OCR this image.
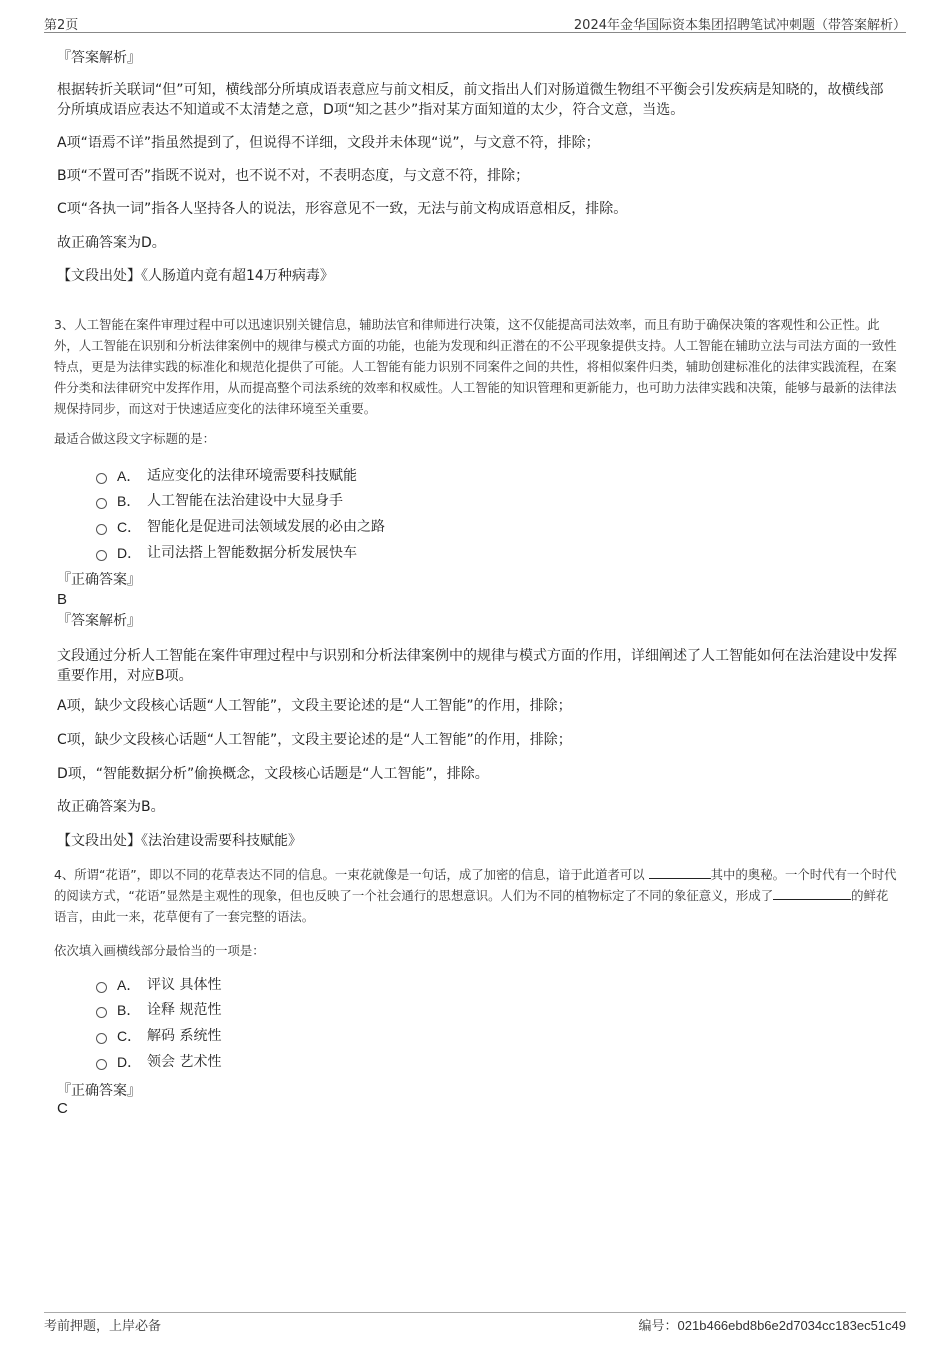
第2页	2024年金华国际资本集团招聘笔试冲刺题（带答案解析）
『答案解析』
根据转折关联词“但”可知，横线部分所填成语表意应与前文相反，前文指出人们对肠道微生物组不平衡会引发疾病是知晓的，故横线部分所填成语应表达不知道或不太清楚之意，D项“知之甚少”指对某方面知道的太少，符合文意，当选。
A项“语焉不详”指虽然提到了，但说得不详细，文段并未体现“说”，与文意不符，排除；
B项“不置可否”指既不说对，也不说不对，不表明态度，与文意不符，排除；
C项“各执一词”指各人坚持各人的说法，形容意见不一致，无法与前文构成语意相反，排除。
故正确答案为D。
【文段出处】《人肠道内竟有超14万种病毒》
3、人工智能在案件审理过程中可以迅速识别关键信息，辅助法官和律师进行决策，这不仅能提高司法效率，而且有助于确保决策的客观性和公正性。此外，人工智能在识别和分析法律案例中的规律与模式方面的功能，也能为发现和纠正潜在的不公平现象提供支持。人工智能在辅助立法与司法方面的一致性特点，更是为法律实践的标准化和规范化提供了可能。人工智能有能力识别不同案件之间的共性，将相似案件归类，辅助创建标准化的法律实践流程，在案件分类和法律研究中发挥作用，从而提高整个司法系统的效率和权威性。人工智能的知识管理和更新能力，也可助力法律实践和决策，能够与最新的法律法规保持同步，而这对于快速适应变化的法律环境至关重要。
最适合做这段文字标题的是：
A． 适应变化的法律环境需要科技赋能
B． 人工智能在法治建设中大显身手
C． 智能化是促进司法领域发展的必由之路
D． 让司法搭上智能数据分析发展快车
『正确答案』
B
『答案解析』
文段通过分析人工智能在案件审理过程中与识别和分析法律案例中的规律与模式方面的作用，详细阐述了人工智能如何在法治建设中发挥重要作用，对应B项。
A项，缺少文段核心话题“人工智能”，文段主要论述的是“人工智能”的作用，排除；
C项，缺少文段核心话题“人工智能”，文段主要论述的是“人工智能”的作用，排除；
D项，“智能数据分析”偷换概念，文段核心话题是“人工智能”，排除。
故正确答案为B。
【文段出处】《法治建设需要科技赋能》
4、所谓“花语”，即以不同的花草表达不同的信息。一束花就像是一句话，成了加密的信息，谙于此道者可以	其中的奥秘。一个时代有一个时代的阅读方式，“花语”显然是主观性的现象，但也反映了一个社会通行的思想意识。人们为不同的植物标定了不同的象征意义，形成了	的鲜花语言，由此一来，花草便有了一套完整的语法。
依次填入画横线部分最恰当的一项是：
A． 评议 具体性
B． 诠释 规范性
C． 解码 系统性
D． 领会 艺术性
『正确答案』
C
考前押题，上岸必备	编号：021b466ebd8b6e2d7034cc183ec51c49
